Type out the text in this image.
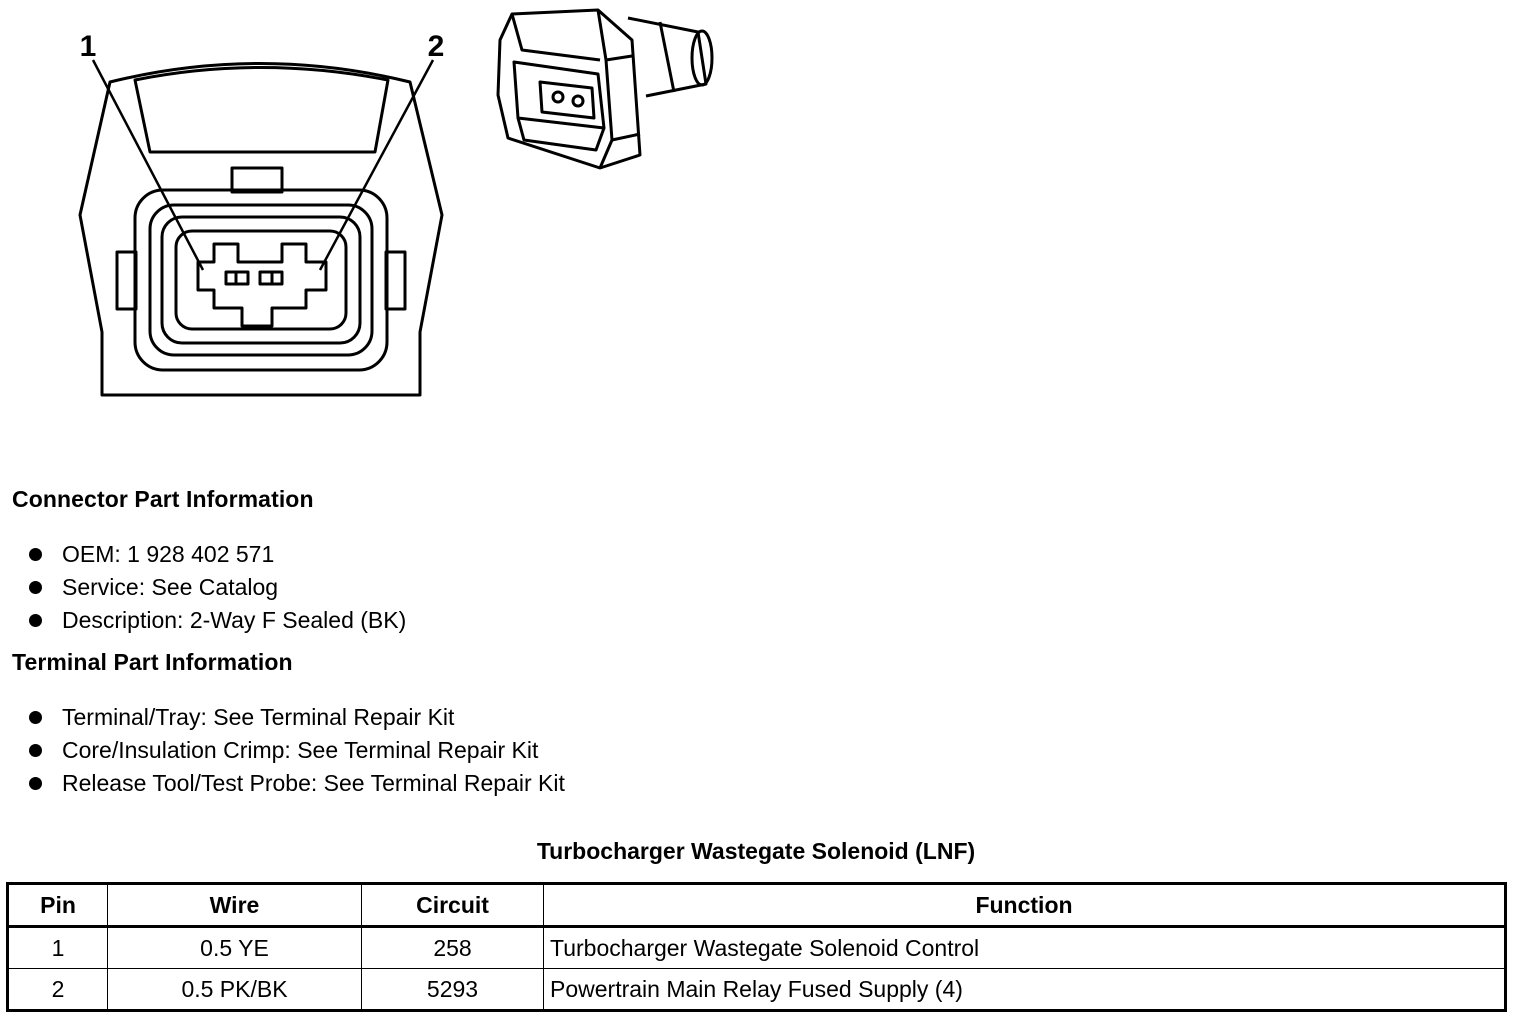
1	2
Connector Part Information
OEM: 1 928 402 571
Service: See Catalog
Description: 2-Way F Sealed (BK)
Terminal Part Information
Terminal/Tray: See Terminal Repair Kit
Core/Insulation Crimp: See Terminal Repair Kit
Release Tool/Test Probe: See Terminal Repair Kit
Turbocharger Wastegate Solenoid (LNF)
Pin	Wire	Circuit	Function
1	0.5 YE	258	Turbocharger Wastegate Solenoid Control
2	0.5 PK/BK	5293	Powertrain Main Relay Fused Supply (4)
